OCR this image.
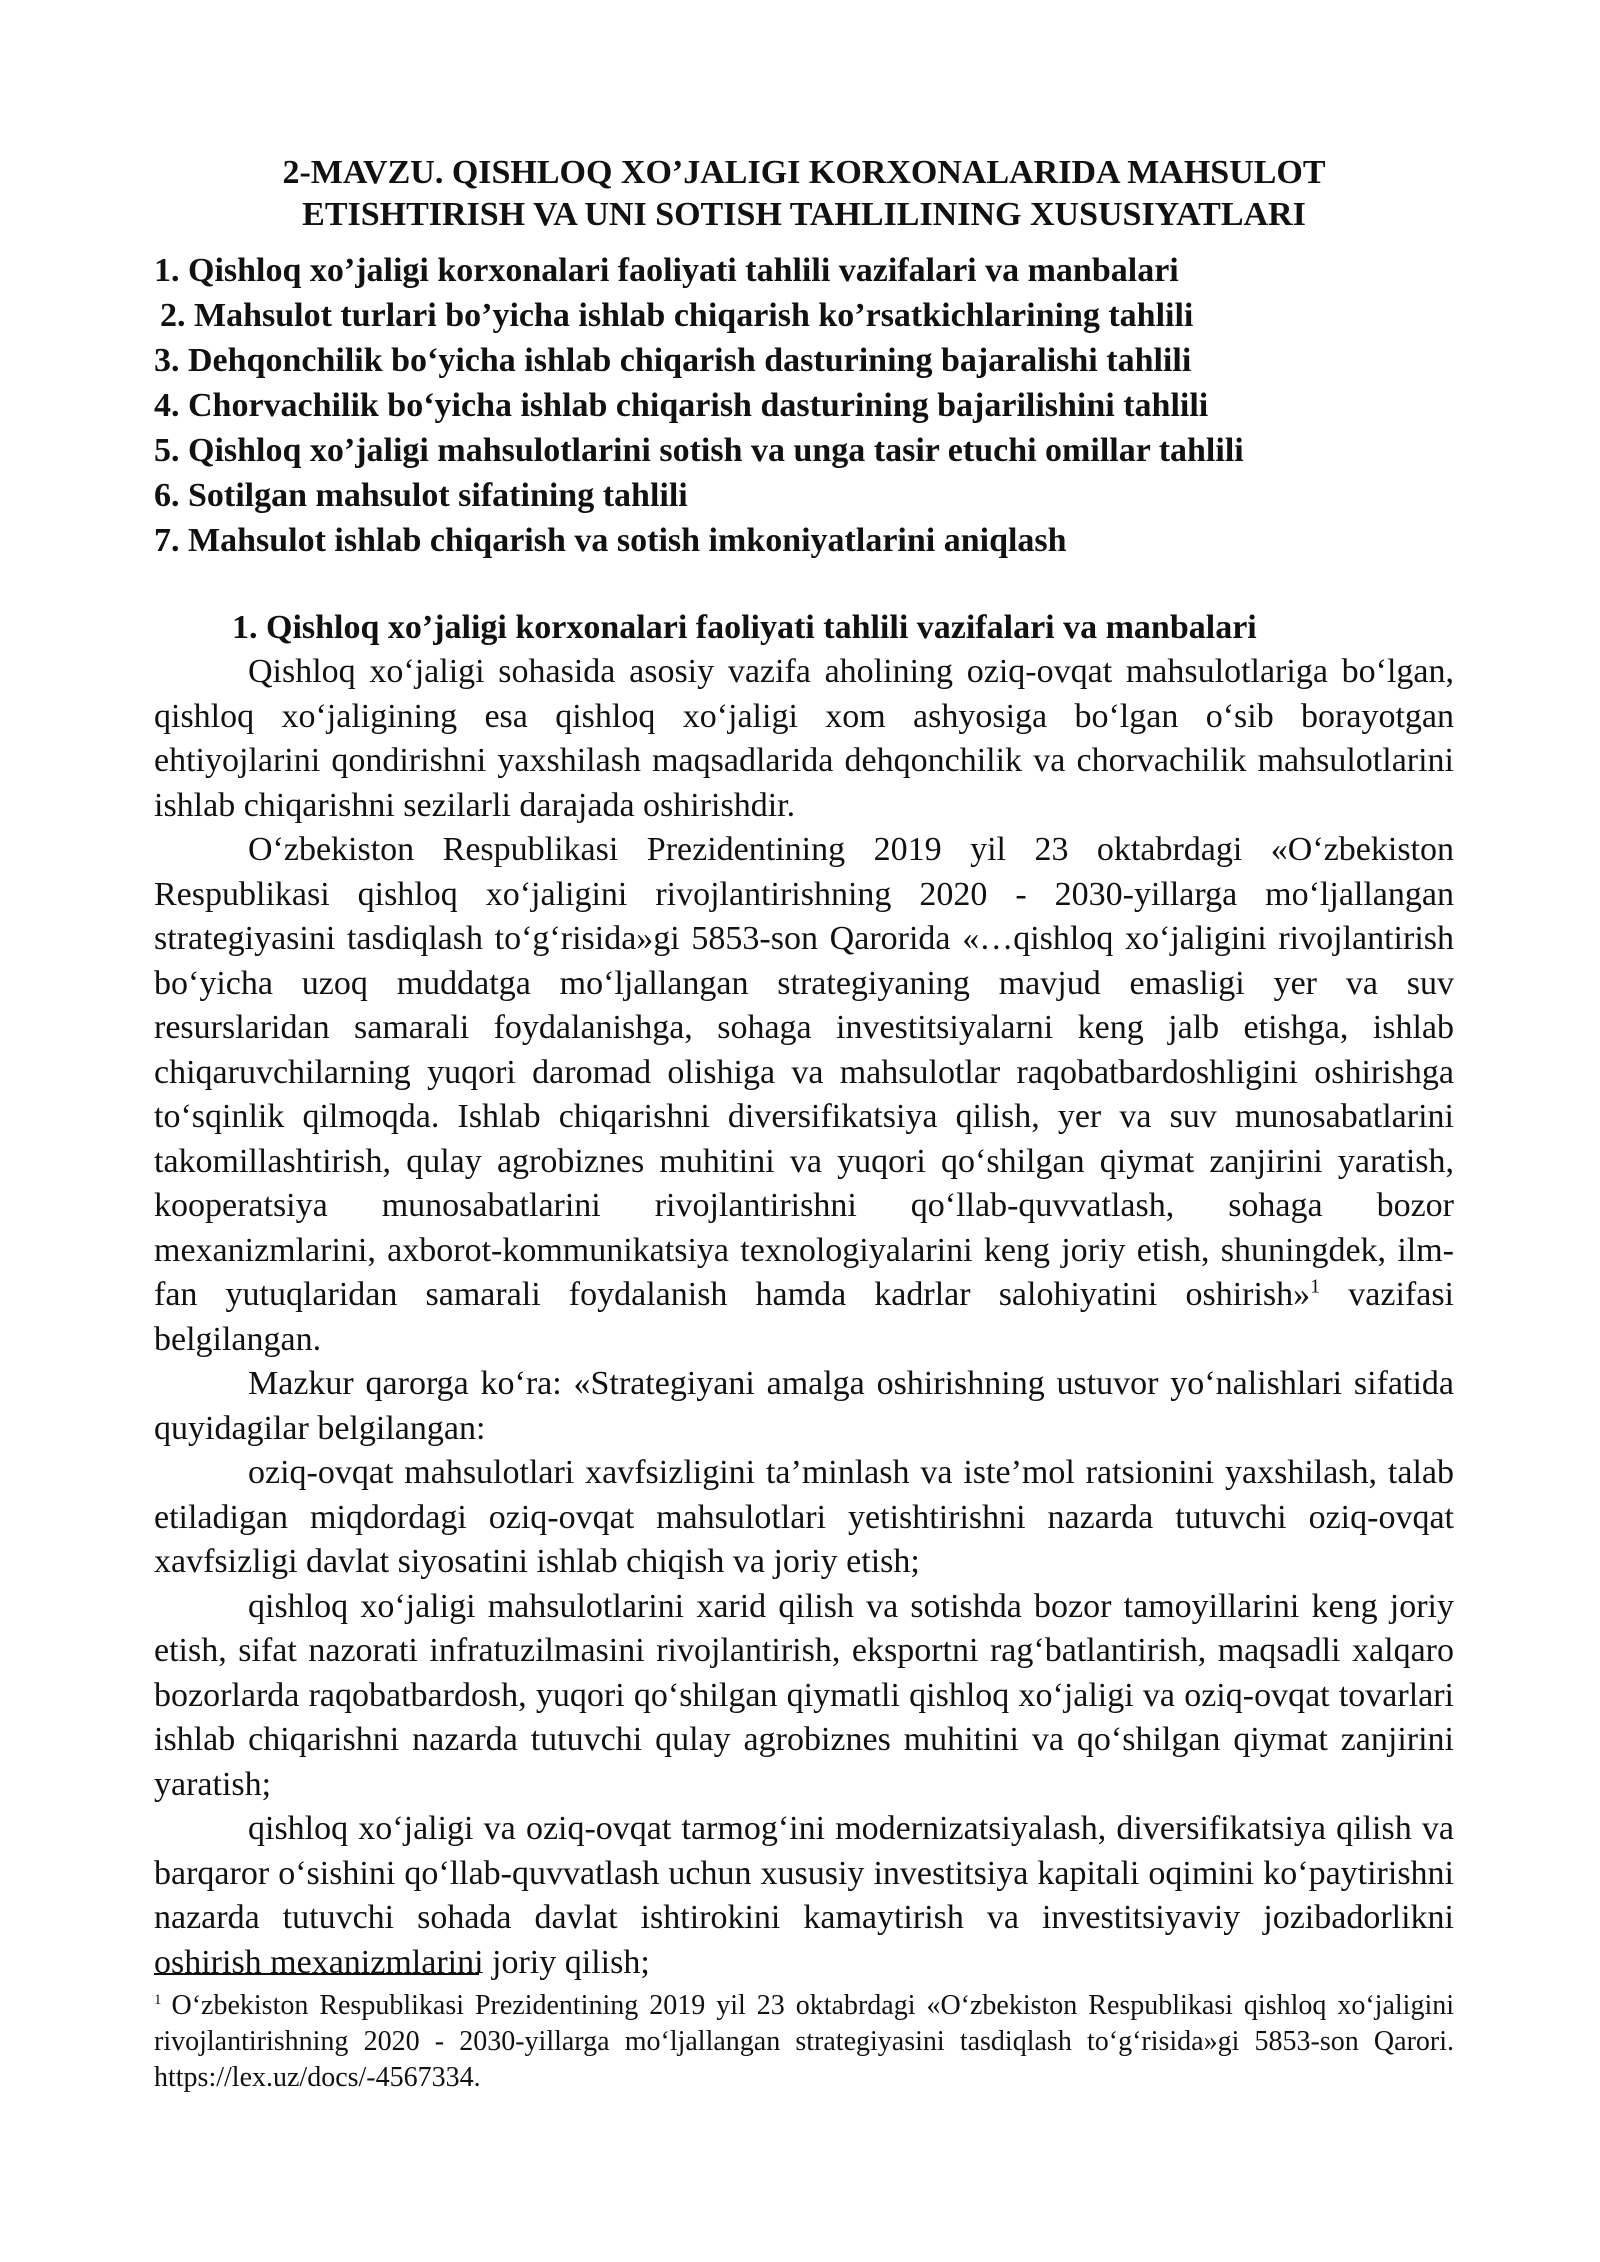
2-MAVZU. QISHLOQ XO’JALIGI KORXONALARIDA MAHSULOT
ETISHTIRISH VA UNI SOTISH TAHLILINING XUSUSIYATLARI
1. Qishloq xo’jaligi korxonalari faoliyati tahlili vazifalari va manbalari
2. Mahsulot turlari bo’yicha ishlab chiqarish ko’rsatkichlarining tahlili
3. Dehqonchilik bo‘yicha ishlab chiqarish dasturining bajaralishi tahlili
4. Chorvachilik bo‘yicha ishlab chiqarish dasturining bajarilishini tahlili
5. Qishloq xo’jaligi mahsulotlarini sotish va unga tasir etuchi omillar tahlili
6. Sotilgan mahsulot sifatining tahlili
7. Mahsulot ishlab chiqarish va sotish imkoniyatlarini aniqlash
1. Qishloq xo’jaligi korxonalari faoliyati tahlili vazifalari va manbalari

Qishloq xo‘jaligi sohasida asosiy vazifa aholining oziq-ovqat mahsulotlariga bo‘lgan, qishloq xo‘jaligining esa qishloq xo‘jaligi xom ashyosiga bo‘lgan o‘sib borayotgan ehtiyojlarini qondirishni yaxshilash maqsadlarida dehqonchilik va chorvachilik mahsulotlarini ishlab chiqarishni sezilarli darajada oshirishdir.

O‘zbekiston Respublikasi Prezidentining 2019 yil 23 oktabrdagi «O‘zbekiston Respublikasi qishloq xo‘jaligini rivojlantirishning 2020 - 2030-yillarga mo‘ljallangan strategiyasini tasdiqlash to‘g‘risida»gi 5853-son Qarorida «…qishloq xo‘jaligini rivojlantirish bo‘yicha uzoq muddatga mo‘ljallangan strategiyaning mavjud emasligi yer va suv resurslaridan samarali foydalanishga, sohaga investitsiyalarni keng jalb etishga, ishlab chiqaruvchilarning yuqori daromad olishiga va mahsulotlar raqobatbardoshligini oshirishga to‘sqinlik qilmoqda. Ishlab chiqarishni diversifikatsiya qilish, yer va suv munosabatlarini takomillashtirish, qulay agrobiznes muhitini va yuqori qo‘shilgan qiymat zanjirini yaratish, kooperatsiya munosabatlarini rivojlantirishni qo‘llab-quvvatlash, sohaga bozor mexanizmlarini, axborot-kommunikatsiya texnologiyalarini keng joriy etish, shuningdek, ilm-fan yutuqlaridan samarali foydalanish hamda kadrlar salohiyatini oshirish»$^1$ vazifasi belgilangan.

Mazkur qarorga ko‘ra: «Strategiyani amalga oshirishning ustuvor yo‘nalishlari sifatida quyidagilar belgilangan:

oziq-ovqat mahsulotlari xavfsizligini ta’minlash va iste’mol ratsionini yaxshilash, talab etiladigan miqdordagi oziq-ovqat mahsulotlari yetishtirishni nazarda tutuvchi oziq-ovqat xavfsizligi davlat siyosatini ishlab chiqish va joriy etish;

qishloq xo‘jaligi mahsulotlarini xarid qilish va sotishda bozor tamoyillarini keng joriy etish, sifat nazorati infratuzilmasini rivojlantirish, eksportni rag‘batlantirish, maqsadli xalqaro bozorlarda raqobatbardosh, yuqori qo‘shilgan qiymatli qishloq xo‘jaligi va oziq-ovqat tovarlari ishlab chiqarishni nazarda tutuvchi qulay agrobiznes muhitini va qo‘shilgan qiymat zanjirini yaratish;

qishloq xo‘jaligi va oziq-ovqat tarmog‘ini modernizatsiyalash, diversifikatsiya qilish va barqaror o‘sishini qo‘llab-quvvatlash uchun xususiy investitsiya kapitali oqimini ko‘paytirishni nazarda tutuvchi sohada davlat ishtirokini kamaytirish va investitsiyaviy jozibadorlikni oshirish mexanizmlarini joriy qilish;

$^1$ O‘zbekiston Respublikasi Prezidentining 2019 yil 23 oktabrdagi «O‘zbekiston Respublikasi qishloq xo‘jaligini rivojlantirishning 2020 - 2030-yillarga mo‘ljallangan strategiyasini tasdiqlash to‘g‘risida»gi 5853-son Qarori. https://lex.uz/docs/-4567334.
